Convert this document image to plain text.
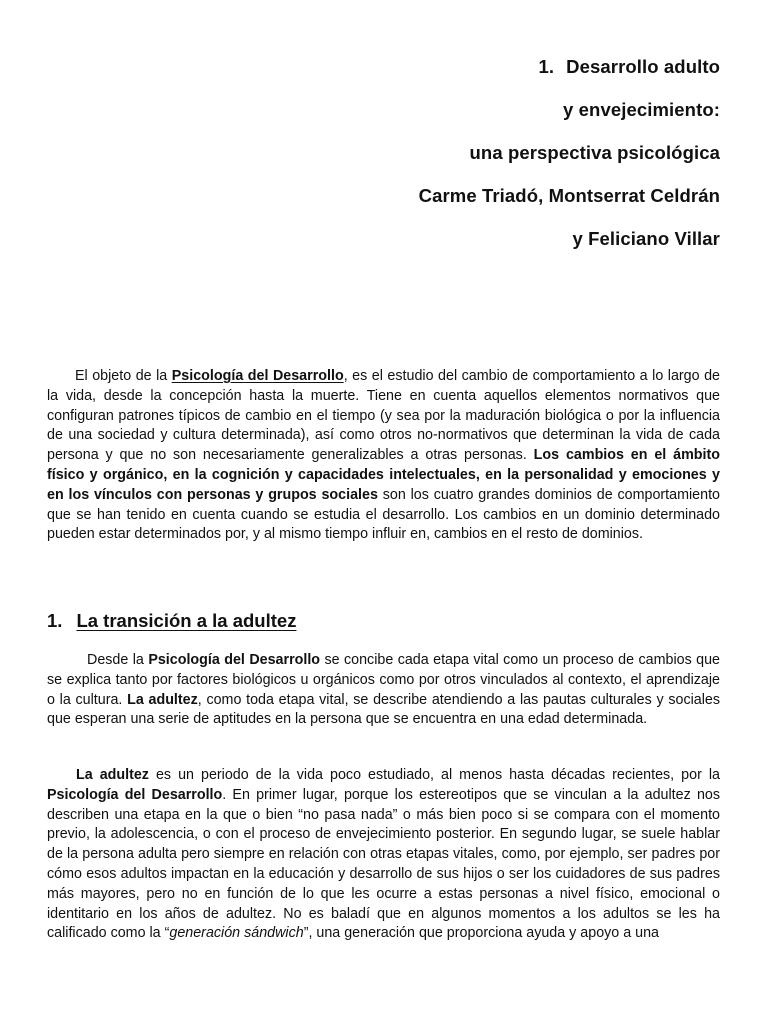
1. Desarrollo adulto
y envejecimiento:
una perspectiva psicológica
Carme Triadó, Montserrat Celdrán
y Feliciano Villar

El objeto de la Psicología del Desarrollo, es el estudio del cambio de comportamiento a lo largo de la vida, desde la concepción hasta la muerte. Tiene en cuenta aquellos elementos normativos que configuran patrones típicos de cambio en el tiempo (y sea por la maduración biológica o por la influencia de una sociedad y cultura determinada), así como otros no-normativos que determinan la vida de cada persona y que no son necesariamente generalizables a otras personas. Los cambios en el ámbito físico y orgánico, en la cognición y capacidades intelectuales, en la personalidad y emociones y en los vínculos con personas y grupos sociales son los cuatro grandes dominios de comportamiento que se han tenido en cuenta cuando se estudia el desarrollo. Los cambios en un dominio determinado pueden estar determinados por, y al mismo tiempo influir en, cambios en el resto de dominios.

1. La transición a la adultez

Desde la Psicología del Desarrollo se concibe cada etapa vital como un proceso de cambios que se explica tanto por factores biológicos u orgánicos como por otros vinculados al contexto, el aprendizaje o la cultura. La adultez, como toda etapa vital, se describe atendiendo a las pautas culturales y sociales que esperan una serie de aptitudes en la persona que se encuentra en una edad determinada.

La adultez es un periodo de la vida poco estudiado, al menos hasta décadas recientes, por la Psicología del Desarrollo. En primer lugar, porque los estereotipos que se vinculan a la adultez nos describen una etapa en la que o bien “no pasa nada” o más bien poco si se compara con el momento previo, la adolescencia, o con el proceso de envejecimiento posterior. En segundo lugar, se suele hablar de la persona adulta pero siempre en relación con otras etapas vitales, como, por ejemplo, ser padres por cómo esos adultos impactan en la educación y desarrollo de sus hijos o ser los cuidadores de sus padres más mayores, pero no en función de lo que les ocurre a estas personas a nivel físico, emocional o identitario en los años de adultez. No es baladí que en algunos momentos a los adultos se les ha calificado como la “generación sándwich”, una generación que proporciona ayuda y apoyo a una
